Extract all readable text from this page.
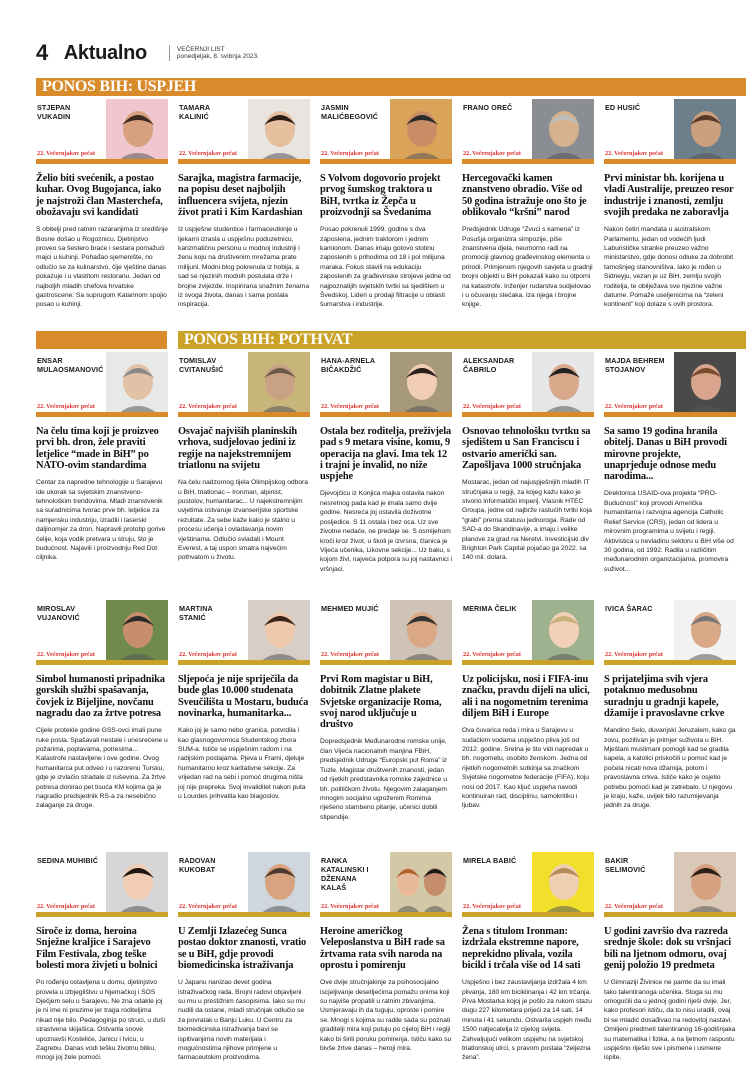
4 Aktualno	VEČERNJI LIST
ponedjeljak, 8. svibnja 2023.
PONOS BIH: USPJEH
PONOS BIH: POTHVAT
STJEPAN VUKADIN
22. Večernjakov pečat
Želio biti svećenik, a postao kuhar. Ovog Bugojanca, iako je najstroži član Masterchefa, obožavaju svi kandidati

S obitelji pred ratnim razaranjima iz središnje Bosne došao u Rogoznicu. Djetinjstvo proveo sa šestero braće i sestara pomažući majci u kuhinji. Pohađao sjemenište, no odlučio se za kulinarstvo, čije vještine danas pokazuje i u vlastitom restoranu. Jedan od najboljih mladih chefova hrvatske gastroscene. Sa suprugom Katarinom spojio posao u kuhinji.

TAMARA KALINIĆ
22. Večernjakov pečat
Sarajka, magistra farmacije, na popisu deset najboljih influencera svijeta, njezin život prati i Kim Kardashian

Iz uspješne studentice i farmaceutkinje u ljekarni izrasla u uspješnu poduzetnicu, karizmatičnu personu u modnoj industriji i ženu koju na društvenim mrežama prate milijuni. Modni blog pokrenula iz hobija, a sad se njezinih modnih postulata drže i brojne zvijezde. Inspirirana snažnim ženama iz svoga života, danas i sama postala inspiracija.

JASMIN MALIĆBEGOVIĆ
22. Večernjakov pečat
S Volvom dogovorio projekt prvog šumskog traktora u BiH, tvrtka iz Žepča u proizvodnji sa Švedanima

Posao pokrenuli 1999. godine s dva zaposlena, jednim traktorom i jednim kamionom. Danas imaju gotovo stotinu zaposlenih s prihodima od 18 i pol milijuna maraka. Fokus stavili na edukaciju zaposlenih za građevinske strojeve jedne od najpoznatijih svjetskih tvrtki sa sjedištem u Švedskoj. Lideri u prodaji filtracije u oblasti šumarstva i industrije.

FRANO OREČ
22. Večernjakov pečat
Hercegovački kamen znanstveno obradio. Više od 50 godina istražuje ono što je oblikovalo “kršni” narod

Predsjednik Udruge “Zvuci s kamena” iz Posušja organizira simpozije, piše znanstvena djela, neumorno radi na promociji glavnog građevinskog elementa u prirodi. Primjenom njegovih savjeta u gradnji brojni objekti u BiH pokazali kako su otporni na katastrofe. Inženjer rudarstva sudjelovao i u očuvanju stećaka. Iza njega i brojne knjige.

ED HUSIĆ
22. Večernjakov pečat
Prvi ministar bh. korijena u vladi Australije, preuzeo resor industrije i znanosti, zemlju svojih predaka ne zaboravlja

Nakon četiri mandata u australskom Parlamentu, jedan od vodećih ljudi Laburističke stranke preuzeo važno ministarstvo, gdje donosi odluke za dobrobit tamošnjeg stanovništva. Iako je rođen u Sidneyju, vezan je uz BiH, zemlju svojih roditelja, te obilježava sve njezine važne datume. Pomaže useljenicima na “zeleni kontinent” koji dolaze s ovih prostora.

ENSAR MULAOSMANOVIĆ
22. Večernjakov pečat
Na čelu tima koji je proizveo prvi bh. dron, žele praviti letjelice “made in BiH” po NATO-ovim standardima

Centar za napredne tehnologije u Sarajevu ide ukorak sa svjetskim znanstveno-tehnološkim trendovima. Mladi znanstvenik sa suradnicima tvorac prve bh. letjelice za namjensku industriju, izradili i laserski daljinomjer za dron. Napravili prototip gorive ćelije, koja vodik pretvara u struju, što je budućnost. Najavili i proizvodnju Red Dot ciljnika.

TOMISLAV CVITANUŠIĆ
22. Večernjakov pečat
Osvajač najviših planinskih vrhova, sudjelovao jedini iz regije na najekstremnijem triatlonu na svijetu

Na čelu nadzornog tijela Olimpijskog odbora u BiH, triatlonac – Ironman, alpinist, pustolov, humanitarac... U najekstremnijim uvjetima ostvaruje izvanserijske sportske rezultate. Za sebe kaže kako je stalno u procesu učenja i ovladavanja novim vještinama. Odlučio svladati i Mount Everest, a taj uspon smatra najvećim pothvatom u životu.

HANA-ARNELA BIČAKDŽIĆ
22. Večernjakov pečat
Ostala bez roditelja, preživjela pad s 9 metara visine, komu, 9 operacija na glavi. Ima tek 12 i trajni je invalid, no niže uspjehe

Djevojčicu iz Konjica majka ostavila nakon nesretnog pada kad je imala samo dvije godine. Nesreća joj ostavila doživotne posljedice. S 11 ostala i bez oca. Uz sve životne nedaće, ne predaje se. S osmijehom kroči kroz život, u školi je izvrsna, članica je Vijeća učenika, Likovne sekcije... Uz baku, s kojom živi, najveća potpora su joj nastavnici i vršnjaci.

ALEKSANDAR ČABRILO
22. Večernjakov pečat
Osnovao tehnološku tvrtku sa sjedištem u San Franciscu i ostvario američki san. Zapošljava 1000 stručnjaka

Mostarac, jedan od najuspješnijih mladih IT stručnjaka u regiji, za kojeg kažu kako je stvorio informatički imperij. Vlasnik HTEC Groupa, jedne od najbrže rastućih tvrtki koja “grabi” prema statusu jednoroga. Rade od SAD-a do Skandinavije, a imaju i velike planove za grad na Neretvi. Investicijski div Brighton Park Capital pojačao ga 2022. sa 140 mil. dolara.

MAJDA BEHREM STOJANOV
22. Večernjakov pečat
Sa samo 19 godina hranila obitelj. Danas u BiH provodi mirovne projekte, unaprjeđuje odnose među narodima...

Direktorica USAID-ova projekta “PRO-Budućnost” koji provodi Američka humanitarna i razvojna agencija Catholic Relief Service (CRS), jedan od lidera u mirovnim programima u svijetu i regiji. Aktivistica u nevladinu sektoru u BiH više od 30 godina, od 1992. Radila u različitim međunarodnim organizacijama, promovira suživot...

MIROSLAV VUJANOVIĆ
22. Večernjakov pečat
Simbol humanosti pripadnika gorskih službi spašavanja, čovjek iz Bijeljine, novčanu nagradu dao za žrtve potresa

Cijele protekle godine GSS-ovci imali pune ruke posla. Spašavali nestale i unesrećene u požarima, poplavama, potresima... Katastrofe nastavljene i ove godine. Ovog humanitarca put odveo i u razorenu Tursku, gdje je izvlačio stradale iz ruševina. Za žrtve potresa donirao pet tisuća KM kojima ga je nagradio predsjednik RS-a za nesebično zalaganje za druge.

MARTINA STANIĆ
22. Večernjakov pečat
Sljepoća je nije spriječila da bude glas 10.000 studenata Sveučilišta u Mostaru, buduća novinarka, humanitarka...

Kako joj je samo nebo granica, potvrdila i kao glasnogovornica Studentskog zbora SUM-a. Ističe se uspješnim radom i na radijskim postajama. Pjeva u Frami, djeluje humanitarno kroz karitativne sekcije. Za vrijedan rad na sebi i pomoć drugima ništa joj nije prepreka. Svoj invaliditet nakon puta u Lourdes prihvatila kao blagoslov.

MEHMED MUJIĆ
22. Večernjakov pečat
Prvi Rom magistar u BiH, dobitnik Zlatne plakete Svjetske organizacije Roma, svoj narod uključuje u društvo

Dopredsjednik Međunarodne romske unije, član Vijeća nacionalnih manjina FBiH, predsjednik Udruge “Europski put Roma” iz Tuzle. Magistar društvenih znanosti, jedan od rijetkih predstavnika romske zajednice u bh. političkom životu. Njegovim zalaganjem mnogim socijalno ugroženim Romima riješeno stambeno pitanje, učenici dobili stipendije.

MERIMA ČELIK
22. Večernjakov pečat
Uz policijsku, nosi i FIFA-inu značku, pravdu dijeli na ulici, ali i na nogometnim terenima diljem BiH i Europe

Ova čuvarica reda i mira u Sarajevu u sudačkim vodama uspješno pliva još od 2012. godine. Sretna je što vidi napredak u bh. nogometu, osobito ženskom. Jedna od rijetkih nogometnih sutkinja sa značkom Svjetske nogometne federacije (FIFA), koju nosi od 2017. Kao ključ uspjeha navodi kontinuiran rad, disciplinu, samokritiku i ljubav.

IVICA ŠARAC
22. Večernjakov pečat
S prijateljima svih vjera potaknuo međusobnu suradnju u gradnji kapele, džamije i pravoslavne crkve

Mandino Selo, duvanjski Jeruzalem, kako ga zovu, pozitivan je primjer suživota u BiH. Mještani muslimani pomogli kad se gradila kapela, a katolici priskočili u pomoć kad je počela nicati nova džamija, potom i pravoslavna crkva. Ističe kako je osjetio potrebu pomoći kad je zatrebalo. U njegovu je kraju, kaže, uvijek bilo razumijevanja jednih za druge.

SEDINA MUHIBIĆ
22. Večernjakov pečat
Siroče iz doma, heroina Snježne kraljice i Sarajevo Film Festivala, zbog teške bolesti mora živjeti u bolnici

Po rođenju ostavljena u domu, djetinjstvo provela u izbjeglištvu u Njemačkoj i SOS Dječjem selu u Sarajevu. Ne zna odakle joj je ni ime ni prezime jer traga roditeljima nikad nije bilo. Pedagoginja po struci, u duši strastvena skijašica. Ostvarila snove upoznavši Kosteliće, Janicu i Ivicu, u Zagrebu. Danas vodi tešku životnu bitku, mnogi joj žele pomoći.

RADOVAN KUKOBAT
22. Večernjakov pečat
U Zemlji Izlazećeg Sunca postao doktor znanosti, vratio se u BiH, gdje provodi biomedicinska istraživanja

U Japanu nanizao devet godina istraživačkog rada. Brojni radovi objavljeni su mu u prestižnim časopisima. Iako su mu nudili da ostane, mladi stručnjak odlučio se za povratak u Banju Luku. U Centru za biomedicinska istraživanja bavi se ispitivanjima novih materijala i mogućnostima njihove primjene u farmaceutskim proizvodima.

RANKA KATALINSKI I DŽENANA KALAŠ
22. Večernjakov pečat
Heroine američkog Veleposlanstva u BiH rade sa žrtvama rata svih naroda na oprostu i pomirenju

Ove dvije stručnjakinje za psihosocijalno iscjeljivanje desetljećima pomažu onima koji su najviše propatili u ratnim zbivanjima. Usmjeravaju ih da tuguju, oproste i pomire se. Mnogi s kojima su radile sada su poznati graditelji mira koji putuju po cijeloj BiH i regiji kako bi širili poruku pomirenja. Ističu kako su bivše žrtve danas – heroji mira.

MIRELA BABIĆ
22. Večernjakov pečat
Žena s titulom Ironman: izdržala ekstremne napore, neprekidno plivala, vozila bicikl i trčala više od 14 sati

Uspješno i bez zaustavljanja izdržala 4 km plivanja, 180 km biciklinanja i 42 km trčanja. Prva Mostarka kojoj je pošlo za rukom stazu dugu 227 kilometara prijeći za 14 sati, 14 minuta i 41 sekundu. Ostvarila uspjeh među 1500 natjecatelja iz cijelog svijeta. Zahvaljujući velikom uspjehu na svjetskoj triatlonskoj utrci, s pravom postala “željezna žena”.

BAKIR SELIMOVIĆ
22. Večernjakov pečat
U godini završio dva razreda srednje škole: dok su vršnjaci bili na ljetnom odmoru, ovaj genij položio 19 predmeta

U Gimnaziji Živinice ne pamte da su imali tako talentiranoga učenika. Stoga su mu omogućili da u jednoj godini riješi dvije. Jer, kako profesori ističu, da to nisu uradili, ovaj bi se mladić dosađivao na redovitoj nastavi. Omiljeni predmeti talentiranog 16-godišnjaka su matematika i fizika, a na ljetnom raspustu uspješno riješio sve i pismene i usmene ispite.
